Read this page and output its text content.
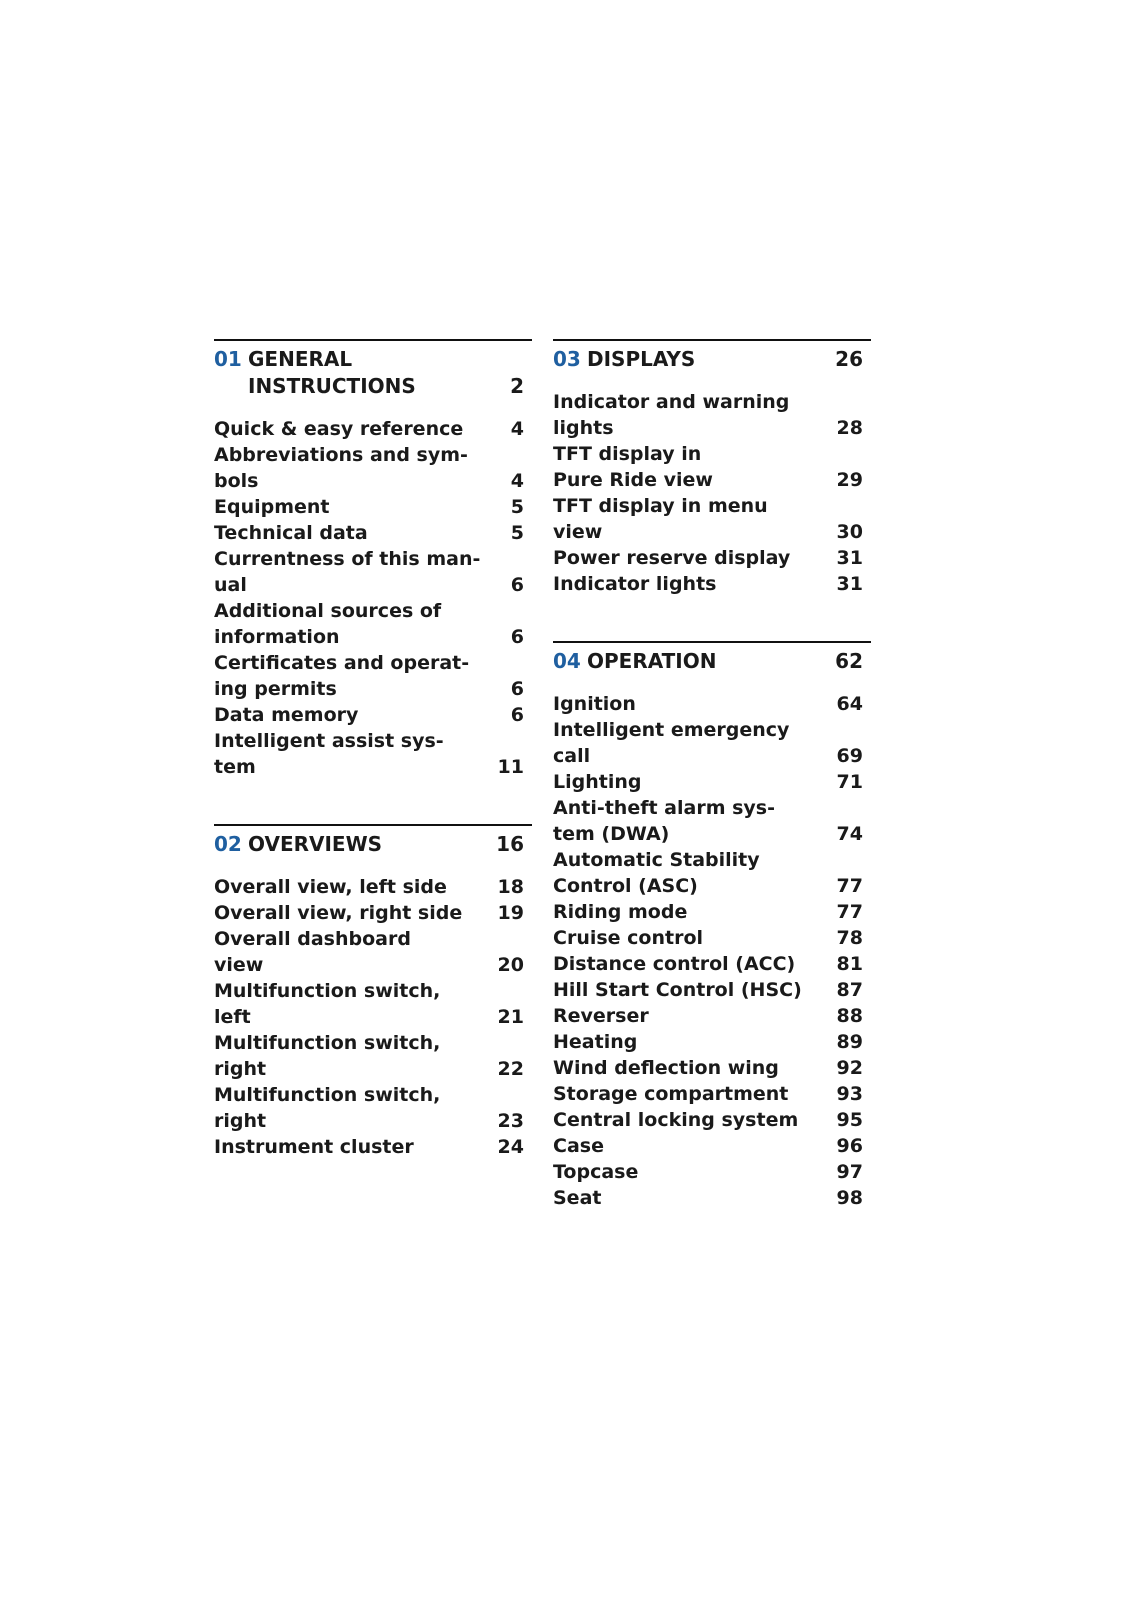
01 GENERAL
INSTRUCTIONS	2
Quick & easy reference	4
Abbreviations and sym-
bols	4
Equipment	5
Technical data	5
Currentness of this man-
ual	6
Additional sources of
information	6
Certificates and operat-
ing permits	6
Data memory	6
Intelligent assist sys-
tem	11
02 OVERVIEWS	16
Overall view, left side	18
Overall view, right side 19
Overall dashboard
view	20
Multifunction switch,
left	21
Multifunction switch,
right	22
Multifunction switch,
right	23
Instrument cluster	24
03 DISPLAYS	26
Indicator and warning
lights	28
TFT display in
Pure Ride view	29
TFT display in menu
view	30
Power reserve display 31
Indicator lights	31
04 OPERATION	62
Ignition	64
Intelligent emergency
call	69
Lighting	71
Anti-theft alarm sys-
tem (DWA)	74
Automatic Stability
Control (ASC)	77
Riding mode	77
Cruise control	78
Distance control (ACC) 81
Hill Start Control (HSC) 87
Reverser	88
Heating	89
Wind deflection wing	92
Storage compartment	93
Central locking system 95
Case	96
Topcase	97
Seat	98
